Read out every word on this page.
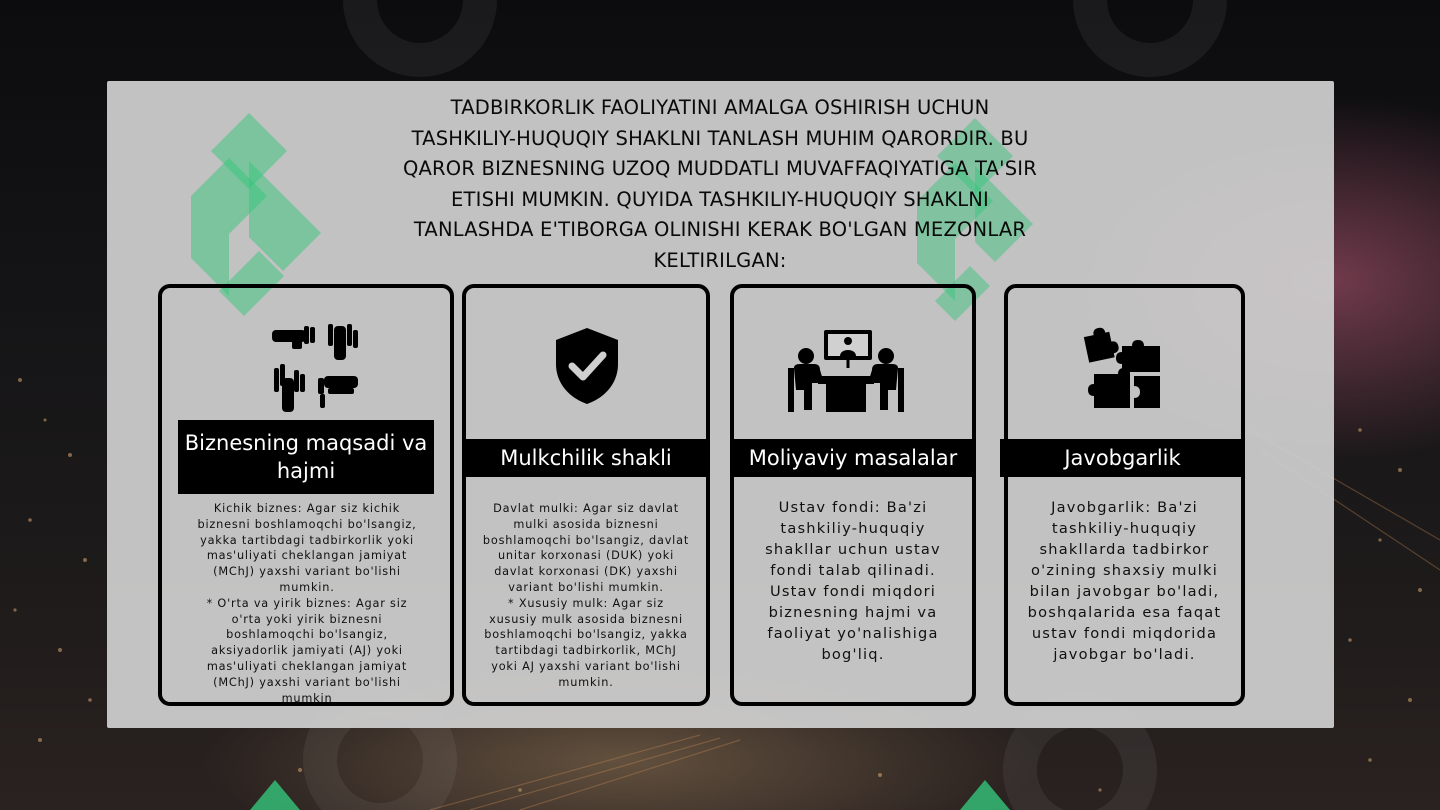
TADBIRKORLIK FAOLIYATINI AMALGA OSHIRISH UCHUN TASHKILIY-HUQUQIY SHAKLNI TANLASH MUHIM QARORDIR. BU QAROR BIZNESNING UZOQ MUDDATLI MUVAFFAQIYATIGA TA'SIR ETISHI MUMKIN. QUYIDA TASHKILIY-HUQUQIY SHAKLNI TANLASHDA E'TIBORGA OLINISHI KERAK BO'LGAN MEZONLAR KELTIRILGAN:

Biznesning maqsadi va hajmi

Kichik biznes: Agar siz kichik biznesni boshlamoqchi bo'lsangiz, yakka tartibdagi tadbirkorlik yoki mas'uliyati cheklangan jamiyat (MChJ) yaxshi variant bo'lishi mumkin.
* O'rta va yirik biznes: Agar siz o'rta yoki yirik biznesni boshlamoqchi bo'lsangiz, aksiyadorlik jamiyati (AJ) yoki mas'uliyati cheklangan jamiyat (MChJ) yaxshi variant bo'lishi mumkin

Mulkchilik shakli

Davlat mulki: Agar siz davlat mulki asosida biznesni boshlamoqchi bo'lsangiz, davlat unitar korxonasi (DUK) yoki davlat korxonasi (DK) yaxshi variant bo'lishi mumkin.
* Xususiy mulk: Agar siz xususiy mulk asosida biznesni boshlamoqchi bo'lsangiz, yakka tartibdagi tadbirkorlik, MChJ yoki AJ yaxshi variant bo'lishi mumkin.

Moliyaviy masalalar

Ustav fondi: Ba'zi tashkiliy-huquqiy shakllar uchun ustav fondi talab qilinadi. Ustav fondi miqdori biznesning hajmi va faoliyat yo'nalishiga bog'liq.

Javobgarlik

Javobgarlik: Ba'zi tashkiliy-huquqiy shakllarda tadbirkor o'zining shaxsiy mulki bilan javobgar bo'ladi, boshqalarida esa faqat ustav fondi miqdorida javobgar bo'ladi.
